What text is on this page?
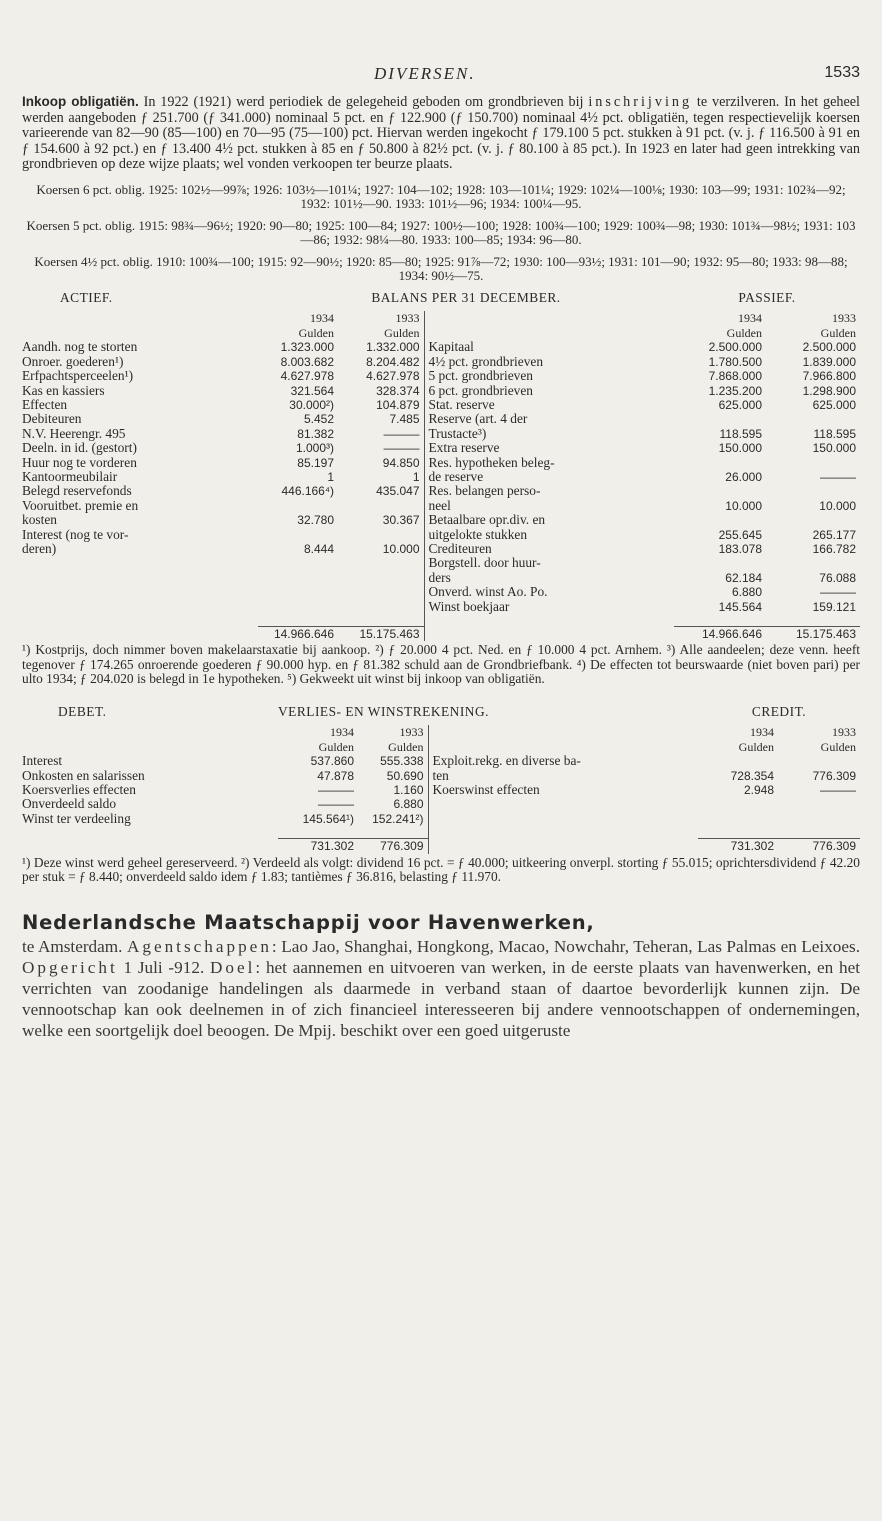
DIVERSEN.	1533

Inkoop obligatiën. In 1922 (1921) werd periodiek de gelegeheid geboden om grondbrieven bij inschrijving te verzilveren. In het geheel werden aangeboden ƒ 251.700 (ƒ 341.000) nominaal 5 pct. en ƒ 122.900 (ƒ 150.700) nominaal 4½ pct. obligatiën, tegen respectievelijk koersen varieerende van 82—90 (85—100) en 70—95 (75—100) pct. Hiervan werden ingekocht ƒ 179.100 5 pct. stukken à 91 pct. (v. j. ƒ 116.500 à 91 en ƒ 154.600 à 92 pct.) en ƒ 13.400 4½ pct. stukken à 85 en ƒ 50.800 à 82½ pct. (v. j. ƒ 80.100 à 85 pct.). In 1923 en later had geen intrekking van grondbrieven op deze wijze plaats; wel vonden verkoopen ter beurze plaats.

Koersen 6 pct. oblig. 1925: 102½—99⅞; 1926: 103½—101¼; 1927: 104—102; 1928: 103—101¼; 1929: 102¼—100⅛; 1930: 103—99; 1931: 102¾—92; 1932: 101½—90. 1933: 101½—96; 1934: 100¼—95.

Koersen 5 pct. oblig. 1915: 98¾—96½; 1920: 90—80; 1925: 100—84; 1927: 100½—100; 1928: 100¾—100; 1929: 100¾—98; 1930: 101¾—98½; 1931: 103—86; 1932: 98¼—80. 1933: 100—85; 1934: 96—80.

Koersen 4½ pct. oblig. 1910: 100¾—100; 1915: 92—90½; 1920: 85—80; 1925: 91⅞—72; 1930: 100—93½; 1931: 101—90; 1932: 95—80; 1933: 98—88; 1934: 90½—75.

ACTIEF.	BALANS PER 31 DECEMBER.			PASSIEF.	

	1934	1933		1934	1933
	Gulden	Gulden		Gulden	Gulden
Aandh. nog te storten	1.323.000	1.332.000	Kapitaal	2.500.000	2.500.000
Onroer. goederen¹)	8.003.682	8.204.482	4½ pct. grondbrieven	1.780.500	1.839.000
Erfpachtsperceelen¹)	4.627.978	4.627.978	5 pct. grondbrieven	7.868.000	7.966.800
Kas en kassiers	321.564	328.374	6 pct. grondbrieven	1.235.200	1.298.900
Effecten	30.000²)	104.879	Stat. reserve	625.000	625.000
Debiteuren	5.452	7.485	Reserve (art. 4 der		
N.V. Heerengr. 495	81.382	———	Trustacte³)	118.595	118.595
Deeln. in id. (gestort)	1.000³)	———	Extra reserve	150.000	150.000
Huur nog te vorderen	85.197	94.850	Res. hypotheken beleg-		
Kantoormeubilair	1	1	de reserve	26.000	———
Belegd reservefonds	446.166⁴)	435.047	Res. belangen perso-		
Vooruitbet. premie en			neel	10.000	10.000
kosten	32.780	30.367	Betaalbare opr.div. en		
Interest (nog te vor-			uitgelokte stukken	255.645	265.177
deren)	8.444	10.000	Crediteuren	183.078	166.782
			Borgstell. door huur-		
			ders	62.184	76.088
			Onverd. winst Ao. Po.	6.880	———
			Winst boekjaar	145.564	159.121

	14.966.646	15.175.463		14.966.646	15.175.463

¹) Kostprijs, doch nimmer boven makelaarstaxatie bij aankoop. ²) ƒ 20.000 4 pct. Ned. en ƒ 10.000 4 pct. Arnhem. ³) Alle aandeelen; deze venn. heeft tegenover ƒ 174.265 onroerende goederen ƒ 90.000 hyp. en ƒ 81.382 schuld aan de Grondbriefbank. ⁴) De effecten tot beurswaarde (niet boven pari) per ulto 1934; ƒ 204.020 is belegd in 1e hypotheken. ⁵) Gekweekt uit winst bij inkoop van obligatiën.

DEBET.	VERLIES- EN WINSTREKENING.			CREDIT.	

	1934	1933		1934	1933
	Gulden	Gulden		Gulden	Gulden
Interest	537.860	555.338	Exploit.rekg. en diverse ba-		
Onkosten en salarissen	47.878	50.690	ten	728.354	776.309
Koersverlies effecten	———	1.160	Koerswinst effecten	2.948	———
Onverdeeld saldo	———	6.880			
Winst ter verdeeling	145.564¹)	152.241²)			

	731.302	776.309		731.302	776.309

¹) Deze winst werd geheel gereserveerd. ²) Verdeeld als volgt: dividend 16 pct. = ƒ 40.000; uitkeering onverpl. storting ƒ 55.015; oprichtersdividend ƒ 42.20 per stuk = ƒ 8.440; onverdeeld saldo idem ƒ 1.83; tantièmes ƒ 36.816, belasting ƒ 11.970.

Nederlandsche Maatschappij voor Havenwerken,

te Amsterdam. Agentschappen: Lao Jao, Shanghai, Hongkong, Macao, Nowchahr, Teheran, Las Palmas en Leixoes. Opgericht 1 Juli -912. Doel: het aannemen en uitvoeren van werken, in de eerste plaats van havenwerken, en het verrichten van zoodanige handelingen als daarmede in verband staan of daartoe bevorderlijk kunnen zijn. De vennootschap kan ook deelnemen in of zich financieel interesseeren bij andere vennootschappen of ondernemingen, welke een soortgelijk doel beoogen. De Mpij. beschikt over een goed uitgeruste
